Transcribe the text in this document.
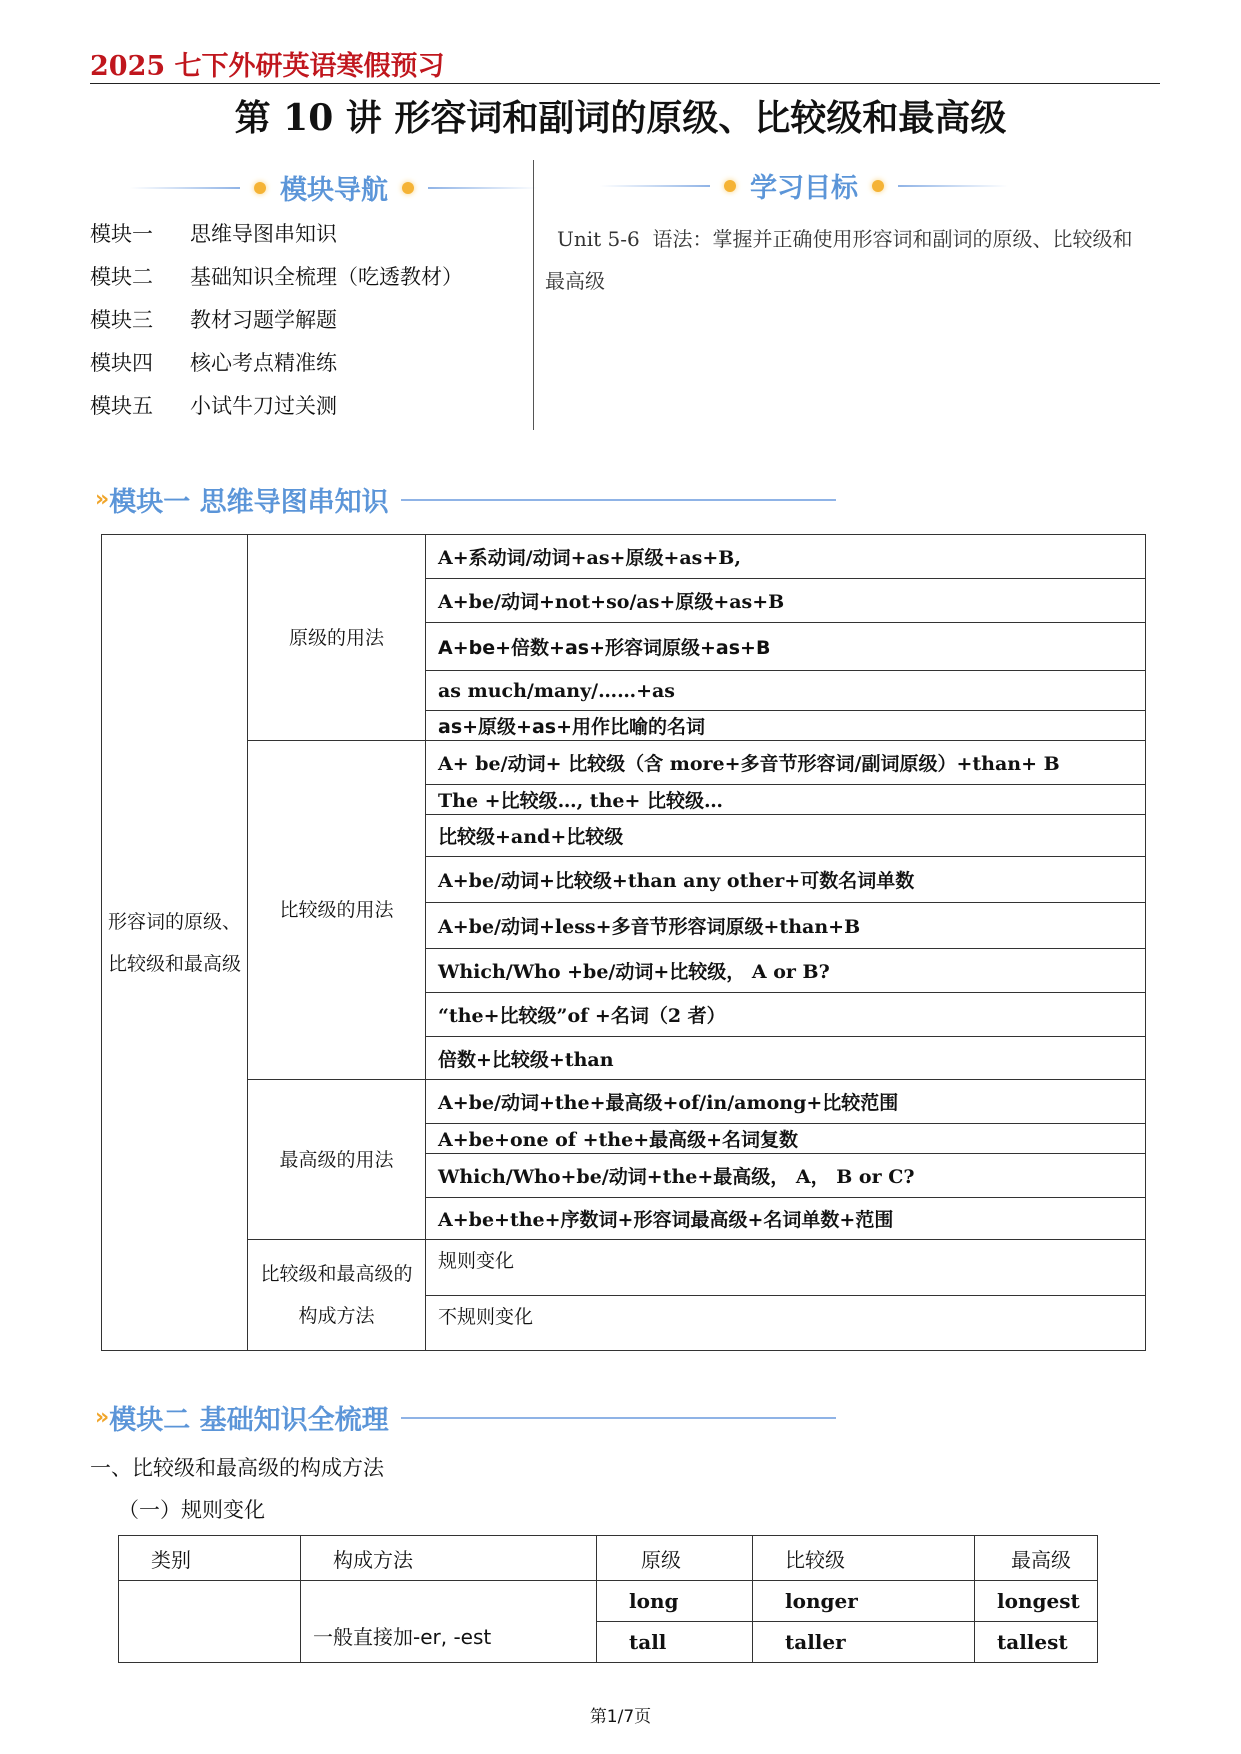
2025 七下外研英语寒假预习
第 10 讲 形容词和副词的原级、比较级和最高级
模块导航	学习目标
模块一	思维导图串知识
模块二	基础知识全梳理（吃透教材）
模块三	教材习题学解题
模块四	核心考点精准练
模块五	小试牛刀过关测
Unit 5-6 语法：掌握并正确使用形容词和副词的原级、比较级和最高级
» 模块一 思维导图串知识
形容词的原级、比较级和最高级	原级的用法	A+系动词/动词+as+原级+as+B,
		A+be/动词+not+so/as+原级+as+B
		A+be+倍数+as+形容词原级+as+B
		as much/many/……+as
		as+原级+as+用作比喻的名词
	比较级的用法	A+ be/动词+ 比较级（含 more+多音节形容词/副词原级）+than+ B
		The +比较级…, the+ 比较级…
		比较级+and+比较级
		A+be/动词+比较级+than any other+可数名词单数
		A+be/动词+less+多音节形容词原级+than+B
		Which/Who +be/动词+比较级， A or B?
		“the+比较级”of +名词（2 者）
		倍数+比较级+than
	最高级的用法	A+be/动词+the+最高级+of/in/among+比较范围
		A+be+one of +the+最高级+名词复数
		Which/Who+be/动词+the+最高级， A， B or C?
		A+be+the+序数词+形容词最高级+名词单数+范围
	比较级和最高级的构成方法	规则变化
		不规则变化
» 模块二 基础知识全梳理
一、比较级和最高级的构成方法
（一）规则变化
类别	构成方法	原级	比较级	最高级
	一般直接加-er, -est	long	longer	longest
		tall	taller	tallest
第1/7页
